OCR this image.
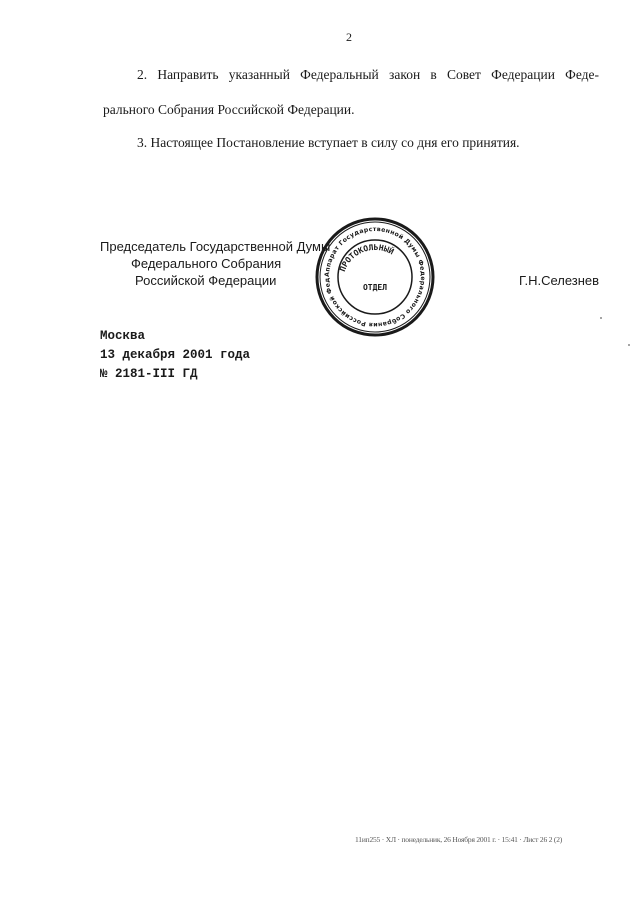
2
2. Направить указанный Федеральный закон в Совет Федерации Феде-
рального Собрания Российской Федерации.
3. Настоящее Постановление вступает в силу со дня его принятия.
Председатель Государственной Думы
Федерального Собрания
Российской Федерации	Г.Н.Селезнев
Аппарат Государственной Думы Федерального Собрания Российской Фед
ПРОТОКОЛЬНЫЙ
ОТДЕЛ
Москва
13 декабря 2001 года
№ 2181-III ГД
11ип255 · ХЛ · понедельник, 26 Ноября 2001 г. · 15:41 · Лист 26 2 (2)
